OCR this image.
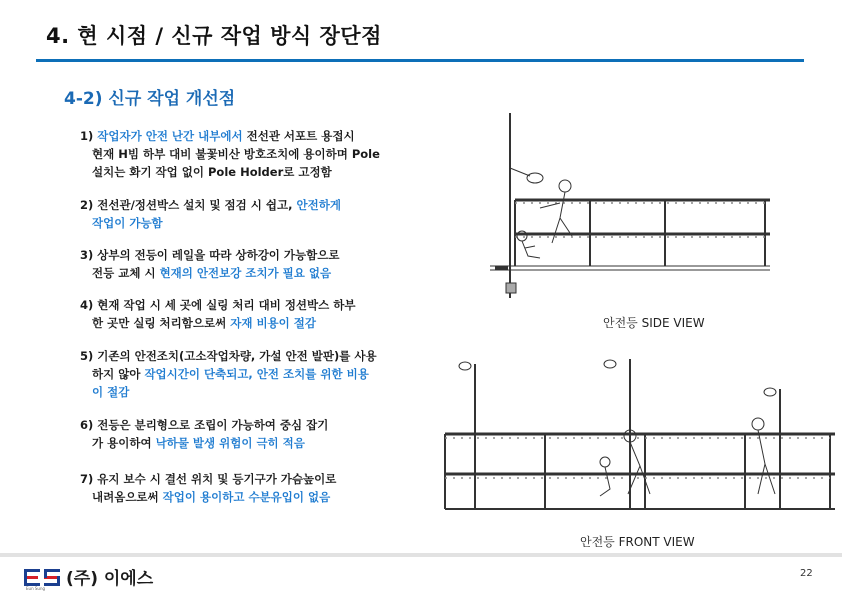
4. 현 시점 / 신규 작업 방식 장단점
4-2) 신규 작업 개선점
1) 작업자가 안전 난간 내부에서 전선관 서포트 용접시
현재 H빔 하부 대비 불꽃비산 방호조치에 용이하며 Pole
설치는 화기 작업 없이 Pole Holder로 고정함
2) 전선관/정션박스 설치 및 점검 시 쉽고, 안전하게
작업이 가능함
3) 상부의 전등이 레일을 따라 상하강이 가능함으로
전등 교체 시 현재의 안전보강 조치가 필요 없음
4) 현재 작업 시 세 곳에 실링 처리 대비 정션박스 하부
한 곳만 실링 처리함으로써 자재 비용이 절감
5) 기존의 안전조치(고소작업차량, 가설 안전 발판)를 사용
하지 않아 작업시간이 단축되고, 안전 조치를 위한 비용
이 절감
6) 전등은 분리형으로 조립이 가능하여 중심 잡기
가 용이하여 낙하물 발생 위험이 극히 적음
7) 유지 보수 시 결선 위치 및 등기구가 가슴높이로
내려옴으로써 작업이 용이하고 수분유입이 없음
안전등 SIDE VIEW
안전등 FRONT VIEW
(주) 이에스
Eun Sung
22
